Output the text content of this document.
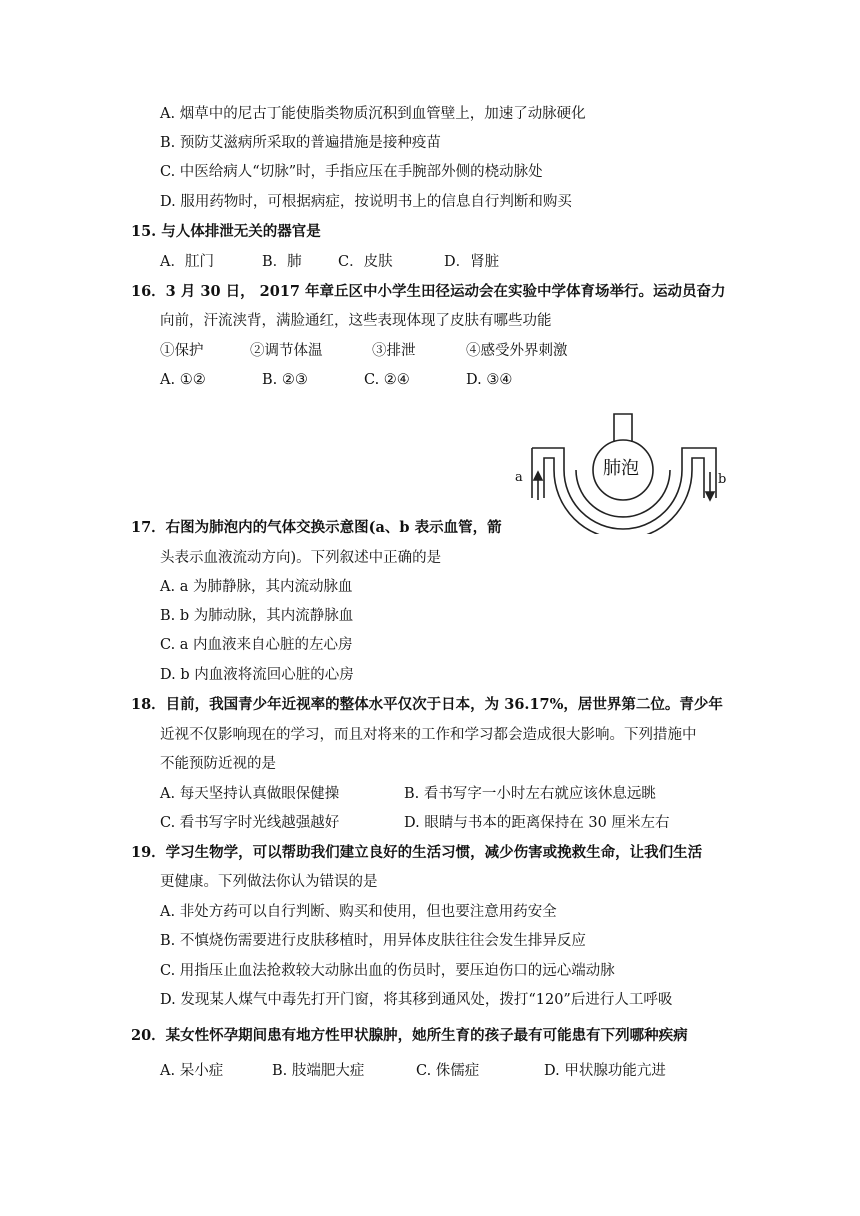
A. 烟草中的尼古丁能使脂类物质沉积到血管壁上，加速了动脉硬化
B. 预防艾滋病所采取的普遍措施是接种疫苗
C. 中医给病人“切脉”时，手指应压在手腕部外侧的桡动脉处
D. 服用药物时，可根据病症，按说明书上的信息自行判断和购买
15. 与人体排泄无关的器官是
A．肛门	B．肺	C．皮肤	D．肾脏
16．3 月 30 日， 2017 年章丘区中小学生田径运动会在实验中学体育场举行。运动员奋力
向前，汗流浃背，满脸通红，这些表现体现了皮肤有哪些功能
①保护	②调节体温	③排泄	④感受外界刺激
A. ①②	B. ②③	C. ②④	D. ③④
肺泡
a	b
17．右图为肺泡内的气体交换示意图(a、b 表示血管，箭
头表示血液流动方向)。下列叙述中正确的是
A. a 为肺静脉，其内流动脉血
B. b 为肺动脉，其内流静脉血
C. a 内血液来自心脏的左心房
D. b 内血液将流回心脏的心房
18．目前，我国青少年近视率的整体水平仅次于日本，为 36.17%，居世界第二位。青少年
近视不仅影响现在的学习，而且对将来的工作和学习都会造成很大影响。下列措施中
不能预防近视的是
A. 每天坚持认真做眼保健操	B. 看书写字一小时左右就应该休息远眺
C. 看书写字时光线越强越好	D. 眼睛与书本的距离保持在 30 厘米左右
19．学习生物学，可以帮助我们建立良好的生活习惯，减少伤害或挽救生命，让我们生活
更健康。下列做法你认为错误的是
A. 非处方药可以自行判断、购买和使用，但也要注意用药安全
B. 不慎烧伤需要进行皮肤移植时，用异体皮肤往往会发生排异反应
C. 用指压止血法抢救较大动脉出血的伤员时，要压迫伤口的远心端动脉
D. 发现某人煤气中毒先打开门窗，将其移到通风处，拨打“120”后进行人工呼吸
20．某女性怀孕期间患有地方性甲状腺肿，她所生育的孩子最有可能患有下列哪种疾病
A. 呆小症	B. 肢端肥大症	C. 侏儒症	D. 甲状腺功能亢进
